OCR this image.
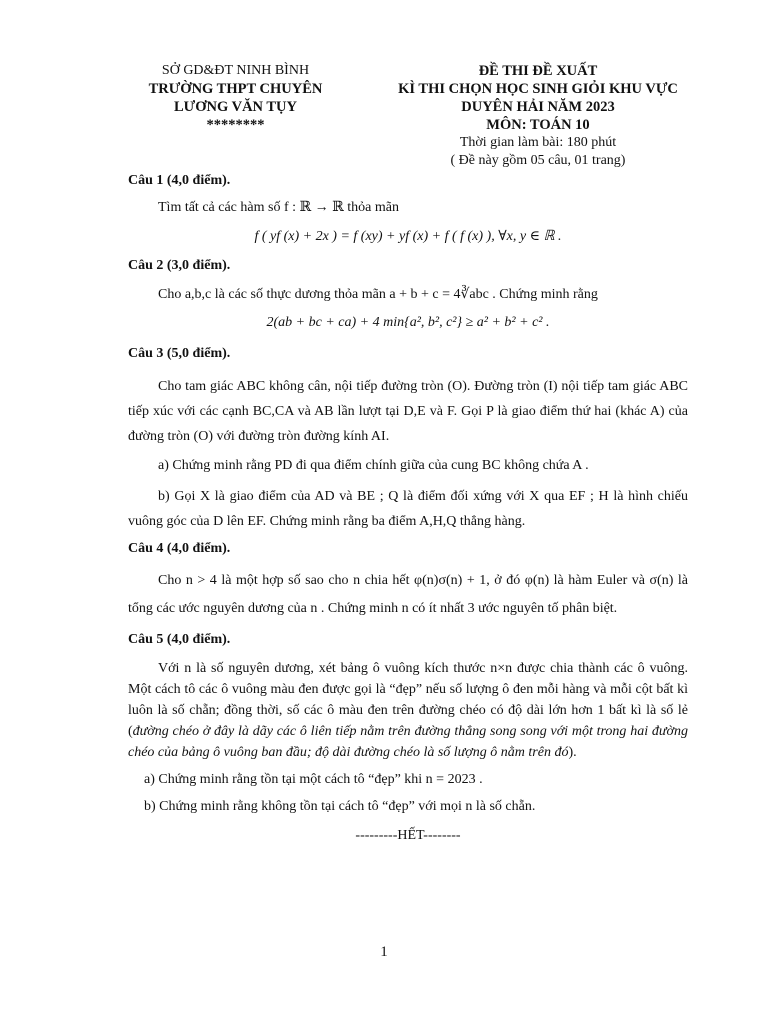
SỞ GD&ĐT NINH BÌNH
TRƯỜNG THPT CHUYÊN
LƯƠNG VĂN TỤY
********
ĐỀ THI ĐỀ XUẤT
KÌ THI CHỌN HỌC SINH GIỎI KHU VỰC
DUYÊN HẢI NĂM 2023
MÔN: TOÁN 10
Thời gian làm bài: 180 phút
( Đề này gồm 05 câu, 01 trang)

Câu 1 (4,0 điểm).

Tìm tất cả các hàm số f : ℝ → ℝ thỏa mãn

f ( yf (x) + 2x ) = f (xy) + yf (x) + f ( f (x) ), ∀x, y ∈ ℝ .

Câu 2 (3,0 điểm).

Cho a,b,c là các số thực dương thỏa mãn a + b + c = 4∛abc . Chứng minh rằng

2(ab + bc + ca) + 4 min{a², b², c²} ≥ a² + b² + c² .

Câu 3 (5,0 điểm).

Cho tam giác ABC không cân, nội tiếp đường tròn (O). Đường tròn (I) nội tiếp tam giác ABC tiếp xúc với các cạnh BC,CA và AB lần lượt tại D,E và F. Gọi P là giao điểm thứ hai (khác A) của đường tròn (O) với đường tròn đường kính AI.

a) Chứng minh rằng PD đi qua điểm chính giữa của cung BC không chứa A .

b) Gọi X là giao điểm của AD và BE ; Q là điểm đối xứng với X qua EF ; H là hình chiếu vuông góc của D lên EF. Chứng minh rằng ba điểm A,H,Q thẳng hàng.

Câu 4 (4,0 điểm).

Cho n > 4 là một hợp số sao cho n chia hết φ(n)σ(n) + 1, ở đó φ(n) là hàm Euler và σ(n) là tổng các ước nguyên dương của n . Chứng minh n có ít nhất 3 ước nguyên tố phân biệt.

Câu 5 (4,0 điểm).

Với n là số nguyên dương, xét bảng ô vuông kích thước n×n được chia thành các ô vuông. Một cách tô các ô vuông màu đen được gọi là “đẹp” nếu số lượng ô đen mỗi hàng và mỗi cột bất kì luôn là số chẵn; đồng thời, số các ô màu đen trên đường chéo có độ dài lớn hơn 1 bất kì là số lẻ (đường chéo ở đây là dãy các ô liên tiếp nằm trên đường thẳng song song với một trong hai đường chéo của bảng ô vuông ban đầu; độ dài đường chéo là số lượng ô nằm trên đó).

a) Chứng minh rằng tồn tại một cách tô “đẹp” khi n = 2023 .

b) Chứng minh rằng không tồn tại cách tô “đẹp” với mọi n là số chẵn.

---------HẾT--------

1
